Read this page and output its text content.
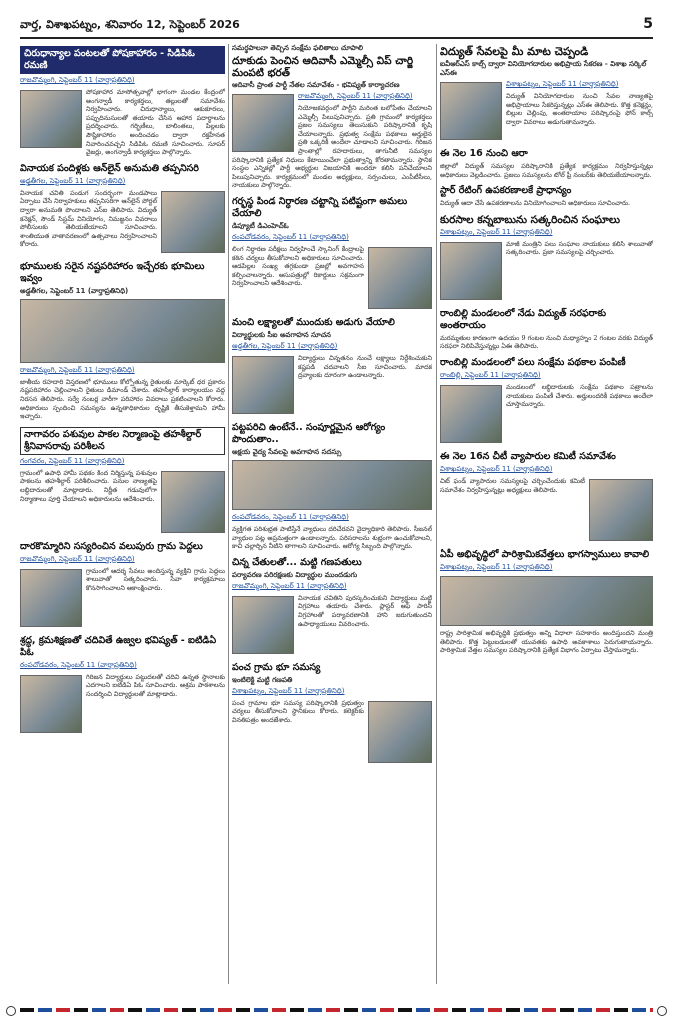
వార్త, విశాఖపట్నం, శనివారం 12, సెప్టెంబర్ 2026	5
చిరుధాన్యాల పంటలతో పోషకాహారం - సిడిపిఓ రమణి
రాజవొమ్మంగి, సెప్టెంబర్ 11 (వార్తాప్రతినిధి)
పోషకాహార మాసోత్సవాల్లో భాగంగా మండల కేంద్రంలో అంగన్వాడీ కార్యకర్తలు, తల్లులతో సమావేశం నిర్వహించారు. చిరుధాన్యాలు, ఆకుకూరలు, పప్పుదినుసులతో తయారు చేసిన ఆహార పదార్థాలను ప్రదర్శించారు. గర్భిణీలు, బాలింతలు, పిల్లలకు పౌష్టికాహారం అందించడం ద్వారా రక్తహీనత నివారించవచ్చని సిడిపిఓ రమణి సూచించారు. సూపర్ వైజర్లు, అంగన్వాడీ కార్యకర్తలు పాల్గొన్నారు.
వినాయక పందిళ్లకు ఆన్‌లైన్ అనుమతి తప్పనిసరి
అడ్డతీగల, సెప్టెంబర్ 11 (వార్తాప్రతినిధి)
వినాయక చవితి పండుగ సందర్భంగా మండపాలు ఏర్పాటు చేసే నిర్వాహకులు తప్పనిసరిగా ఆన్‌లైన్ పోర్టల్ ద్వారా అనుమతి పొందాలని ఎస్ఐ తెలిపారు. విద్యుత్ కనెక్షన్, సౌండ్ సిస్టమ్ వినియోగం, నిమజ్జనం వివరాలు పోలీసులకు తెలియజేయాలని సూచించారు. శాంతియుత వాతావరణంలో ఉత్సవాలు నిర్వహించాలని కోరారు.
భూములకు సరైన నష్టపరిహారం ఇచ్చేరకు భూమిలు ఇవ్వం
అడ్డతీగల, సెప్టెంబర్ 11 (వార్తాప్రతినిధి)
రాజవొమ్మంగి, సెప్టెంబర్ 11 (వార్తాప్రతినిధి)
జాతీయ రహదారి విస్తరణలో భూములు కోల్పోతున్న రైతులకు మార్కెట్ ధర ప్రకారం నష్టపరిహారం చెల్లించాలని రైతులు డిమాండ్ చేశారు. తహసీల్దార్ కార్యాలయం వద్ద నిరసన తెలిపారు. సర్వే నంబర్ల వారీగా పరిహారం వివరాలు ప్రకటించాలని కోరారు. అధికారులు స్పందించి సమస్యను ఉన్నతాధికారుల దృష్టికి తీసుకెళ్తామని హామీ ఇచ్చారు.
నాగావరం పశువుల పాకల నిర్మాణంపై తహశీల్దార్ శ్రీనివాసరావు పరిశీలన
గంగవరం, సెప్టెంబర్ 11 (వార్తాప్రతినిధి)
గ్రామంలో ఉపాధి హామీ పథకం కింద నిర్మిస్తున్న పశువుల పాకలను తహశీల్దార్ పరిశీలించారు. పనుల నాణ్యతపై లబ్ధిదారులతో మాట్లాడారు. నిర్ణీత గడువులోగా నిర్మాణాలు పూర్తి చేయాలని అధికారులను ఆదేశించారు.
దారకొమ్మారిని సస్యరించిన వలుపురు గ్రామ పెద్దలు
రాజవొమ్మంగి, సెప్టెంబర్ 11 (వార్తాప్రతినిధి)
గ్రామంలో ఆదర్శ సేవలు అందిస్తున్న వ్యక్తిని గ్రామ పెద్దలు శాలువాతో సత్కరించారు. సేవా కార్యక్రమాలు కొనసాగించాలని ఆకాంక్షించారు.
శ్రద్ధ, క్రమశిక్షణతో చదివితే ఉజ్వల భవిష్యత్ - ఐటిడిఏ పిఓ
రంపచోడవరం, సెప్టెంబర్ 11 (వార్తాప్రతినిధి)
గిరిజన విద్యార్థులు పట్టుదలతో చదివి ఉన్నత స్థానాలకు ఎదగాలని ఐటిడిఏ పిఓ సూచించారు. ఆశ్రమ పాఠశాలను సందర్శించి విద్యార్థులతో మాట్లాడారు.
సమర్థపాలనా తెచ్చిన సంక్షేమ ఫలితాలు చూపాలి
దూకుడు పెంచిన ఆదివాసీ ఎమ్మెల్సీ విప్ చార్జి మంపటి భరత్
ఆదివాసీ ప్రాంత పార్టీ నేతల సమావేశం - భవిష్యత్ కార్యాచరణ
రాజవొమ్మంగి, సెప్టెంబర్ 11 (వార్తాప్రతినిధి)
నియోజకవర్గంలో పార్టీని మరింత బలోపేతం చేయాలని ఎమ్మెల్సీ పిలుపునిచ్చారు. ప్రతి గ్రామంలో కార్యకర్తలు ప్రజల సమస్యలు తెలుసుకుని పరిష్కారానికి కృషి చేయాలన్నారు. ప్రభుత్వ సంక్షేమ పథకాలు అర్హులైన ప్రతి ఒక్కరికీ అందేలా చూడాలని సూచించారు. గిరిజన ప్రాంతాల్లో రహదారులు, తాగునీటి సమస్యల పరిష్కారానికి ప్రత్యేక నిధులు కేటాయించేలా ప్రభుత్వాన్ని కోరతామన్నారు. స్థానిక సంస్థల ఎన్నికల్లో పార్టీ అభ్యర్థుల విజయానికి అందరూ కలిసి పనిచేయాలని పిలుపునిచ్చారు. కార్యక్రమంలో మండల అధ్యక్షులు, సర్పంచులు, ఎంపీటీసీలు, నాయకులు పాల్గొన్నారు.
గర్భస్థ పిండ నిర్ధారణ చట్టాన్ని పటిష్టంగా అమలు చేయాలి
డిప్యూటీ డిఎంహెచ్ఓ
రంపచోడవరం, సెప్టెంబర్ 11 (వార్తాప్రతినిధి)
లింగ నిర్ధారణ పరీక్షలు నిర్వహించే స్కానింగ్ కేంద్రాలపై కఠిన చర్యలు తీసుకోవాలని అధికారులు సూచించారు. ఆడపిల్లల సంఖ్య తగ్గకుండా ప్రజల్లో అవగాహన కల్పించాలన్నారు. ఆసుపత్రుల్లో రికార్డులు సక్రమంగా నిర్వహించాలని ఆదేశించారు.
మంచి లక్ష్యాలతో ముందుకు అడుగు వేయాలి
విద్యార్థులకు సీఐ అవగాహన సూచన
అడ్డతీగల, సెప్టెంబర్ 11 (వార్తాప్రతినిధి)
విద్యార్థులు చిన్నతనం నుంచే లక్ష్యాలు నిర్దేశించుకుని కష్టపడి చదవాలని సీఐ సూచించారు. మాదక ద్రవ్యాలకు దూరంగా ఉండాలన్నారు.
పట్టపరిచి ఉంటేనే.. సంపూర్ణమైన ఆరోగ్యం పొందుతాం..
అక్షయ వైద్య సేవలపై అవగాహన సదస్సు
రంపచోడవరం, సెప్టెంబర్ 11 (వార్తాప్రతినిధి)
వ్యక్తిగత పరిశుభ్రత పాటిస్తేనే వ్యాధులు దరిచేరవని వైద్యాధికారి తెలిపారు. సీజనల్ వ్యాధుల పట్ల అప్రమత్తంగా ఉండాలన్నారు. పరిసరాలను శుభ్రంగా ఉంచుకోవాలని, కాచి చల్లార్చిన నీటిని తాగాలని సూచించారు. ఆరోగ్య సిబ్బంది పాల్గొన్నారు.
చిన్న చేతులతో... మట్టి గణపతులు
పర్యావరణ పరిరక్షణకు విద్యార్థుల ముందడుగు
రాజవొమ్మంగి, సెప్టెంబర్ 11 (వార్తాప్రతినిధి)
వినాయక చవితిని పురస్కరించుకుని విద్యార్థులు మట్టి విగ్రహాలు తయారు చేశారు. ప్లాస్టర్ ఆఫ్ పారిస్ విగ్రహాలతో పర్యావరణానికి హాని జరుగుతుందని ఉపాధ్యాయులు వివరించారు.
పంచ గ్రామ భూ సమస్య
ఇంటిలెక్టి మట్టి గణపతి
విశాఖపట్నం, సెప్టెంబర్ 11 (వార్తాప్రతినిధి)
పంచ గ్రామాల భూ సమస్య పరిష్కారానికి ప్రభుత్వం చర్యలు తీసుకోవాలని స్థానికులు కోరారు. కలెక్టర్‌కు వినతిపత్రం అందజేశారు.
విద్యుత్ సేవలపై మీ మాట చెప్పండి
ఐవీఆర్ఎస్ కాల్స్ ద్వారా వినియోగదారుల అభిప్రాయ సేకరణ - విశాఖ సర్కిల్ ఎస్ఈ
విశాఖపట్నం, సెప్టెంబర్ 11 (వార్తాప్రతినిధి)
విద్యుత్ వినియోగదారుల నుంచి సేవల నాణ్యతపై అభిప్రాయాలు సేకరిస్తున్నట్లు ఎస్ఈ తెలిపారు. కొత్త కనెక్షన్లు, బిల్లుల చెల్లింపు, అంతరాయాల పరిష్కారంపై ఫోన్ కాల్స్ ద్వారా వివరాలు అడుగుతామన్నారు.
ఈ నెల 16 నుంచి ఆరా
జిల్లాలో విద్యుత్ సమస్యల పరిష్కారానికి ప్రత్యేక కార్యక్రమం నిర్వహిస్తున్నట్లు అధికారులు వెల్లడించారు. ప్రజలు సమస్యలను టోల్ ఫ్రీ నంబర్‌కు తెలియజేయాలన్నారు.
స్టార్ రేటింగ్ ఉపకరణాలకే ప్రాధాన్యం
విద్యుత్ ఆదా చేసే ఉపకరణాలను వినియోగించాలని అధికారులు సూచించారు.
కురసాల కన్నబాబును సత్కరించిన సంఘాలు
విశాఖపట్నం, సెప్టెంబర్ 11 (వార్తాప్రతినిధి)
మాజీ మంత్రిని పలు సంఘాల నాయకులు కలిసి శాలువాతో సత్కరించారు. ప్రజా సమస్యలపై చర్చించారు.
రాంబిల్లి మండలంలో నేడు విద్యుత్ సరఫరాకు అంతరాయం
మరమ్మతుల కారణంగా ఉదయం 9 గంటల నుంచి మధ్యాహ్నం 2 గంటల వరకు విద్యుత్ సరఫరా నిలిపివేస్తున్నట్లు ఏఈ తెలిపారు.
రాంబిల్లి మండలంలో పలు సంక్షేమ పథకాల పంపిణీ
రాంబిల్లి, సెప్టెంబర్ 11 (వార్తాప్రతినిధి)
మండలంలో లబ్ధిదారులకు సంక్షేమ పథకాల పత్రాలను నాయకులు పంపిణీ చేశారు. అర్హులందరికీ పథకాలు అందేలా చూస్తామన్నారు.
ఈ నెల 16న చీటీ వ్యాపారుల కమిటీ సమావేశం
విశాఖపట్నం, సెప్టెంబర్ 11 (వార్తాప్రతినిధి)
చిట్ ఫండ్ వ్యాపారుల సమస్యలపై చర్చించేందుకు కమిటీ సమావేశం నిర్వహిస్తున్నట్లు అధ్యక్షులు తెలిపారు.
ఏపీ అభివృద్ధిలో పారిశ్రామికవేత్తలు భాగస్వాములు కావాలి
విశాఖపట్నం, సెప్టెంబర్ 11 (వార్తాప్రతినిధి)
రాష్ట్ర పారిశ్రామిక అభివృద్ధికి ప్రభుత్వం అన్ని విధాలా సహకారం అందిస్తుందని మంత్రి తెలిపారు. కొత్త పెట్టుబడులతో యువతకు ఉపాధి అవకాశాలు పెరుగుతాయన్నారు. పారిశ్రామిక వేత్తల సమస్యల పరిష్కారానికి ప్రత్యేక విభాగం ఏర్పాటు చేస్తామన్నారు.
